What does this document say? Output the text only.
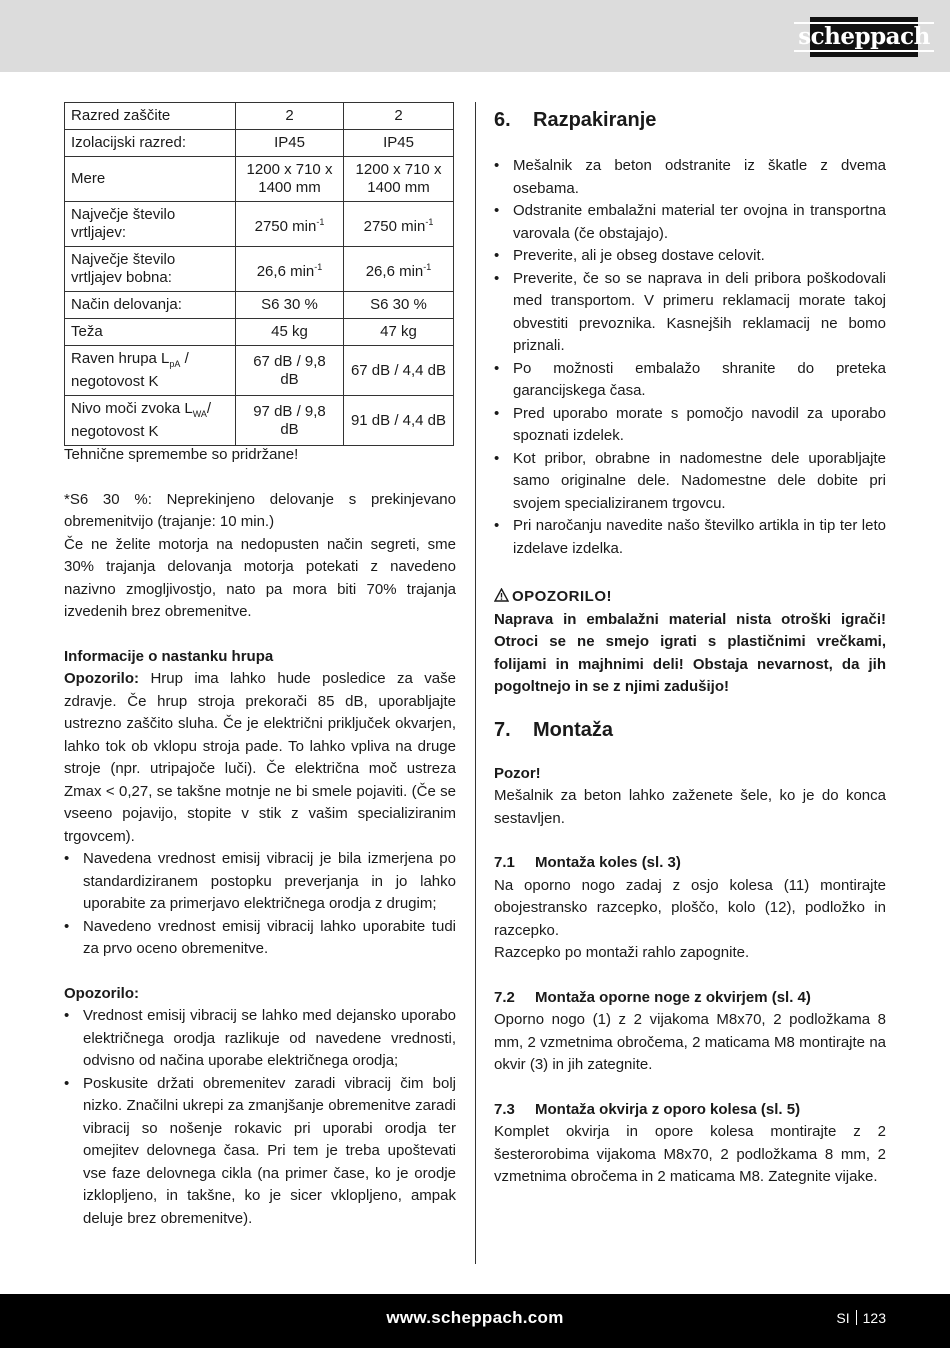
scheppach
Razred zaščite	2	2
Izolacijski razred:	IP45	IP45
Mere	1200 x 710 x 1400 mm	1200 x 710 x 1400 mm
Največje število vrtljajev:	2750 $\min^{-1}$	2750 $\min^{-1}$
Največje število vrtljajev bobna:	26,6 $\min^{-1}$	26,6 $\min^{-1}$
Način delovanja:	S6 30 %	S6 30 %
Teža	45 kg	47 kg
Raven hrupa $L_{pA}$ / negotovost K	67 dB / 9,8 dB	67 dB / 4,4 dB
Nivo moči zvoka $L_{WA}/$ negotovost K	97 dB / 9,8 dB	91 dB / 4,4 dB

Tehnične spremembe so pridržane!

*S6 30 %: Neprekinjeno delovanje s prekinjevano obremenitvijo (trajanje: 10 min.)

Če ne želite motorja na nedopusten način segreti, sme 30% trajanja delovanja motorja potekati z navedeno nazivno zmogljivostjo, nato pa mora biti 70% trajanja izvedenih brez obremenitve.

Informacije o nastanku hrupa

Opozorilo: Hrup ima lahko hude posledice za vaše zdravje. Če hrup stroja prekorači 85 dB, uporabljajte ustrezno zaščito sluha. Če je električni priključek okvarjen, lahko tok ob vklopu stroja pade. To lahko vpliva na druge stroje (npr. utripajoče luči). Če električna moč ustreza Zmax < 0,27, se takšne motnje ne bi smele pojaviti. (Če se vseeno pojavijo, stopite v stik z vašim specializiranim trgovcem).

• Navedena vrednost emisij vibracij je bila izmerjena po standardiziranem postopku preverjanja in jo lahko uporabite za primerjavo električnega orodja z drugim;
• Navedeno vrednost emisij vibracij lahko uporabite tudi za prvo oceno obremenitve.
Opozorilo:
• Vrednost emisij vibracij se lahko med dejansko uporabo električnega orodja razlikuje od navedene vrednosti, odvisno od načina uporabe električnega orodja;
• Poskusite držati obremenitev zaradi vibracij čim bolj nizko. Značilni ukrepi za zmanjšanje obremenitve zaradi vibracij so nošenje rokavic pri uporabi orodja ter omejitev delovnega časa. Pri tem je treba upoštevati vse faze delovnega cikla (na primer čase, ko je orodje izklopljeno, in takšne, ko je sicer vklopljeno, ampak deluje brez obremenitve).
6. Razpakiranje
• Mešalnik za beton odstranite iz škatle z dvema osebama.
• Odstranite embalažni material ter ovojna in transportna varovala (če obstajajo).
• Preverite, ali je obseg dostave celovit.
• Preverite, če so se naprava in deli pribora poškodovali med transportom. V primeru reklamacij morate takoj obvestiti prevoznika. Kasnejših reklamacij ne bomo priznali.
• Po možnosti embalažo shranite do preteka garancijskega časa.
• Pred uporabo morate s pomočjo navodil za uporabo spoznati izdelek.
• Kot pribor, obrabne in nadomestne dele uporabljajte samo originalne dele. Nadomestne dele dobite pri svojem specializiranem trgovcu.
• Pri naročanju navedite našo številko artikla in tip ter leto izdelave izdelka.
OPOZORILO!

Naprava in embalažni material nista otroški igrači! Otroci se ne smejo igrati s plastičnimi vrečkami, folijami in majhnimi deli! Obstaja nevarnost, da jih pogoltnejo in se z njimi zadušijo!

7. Montaža

Pozor!

Mešalnik za beton lahko zaženete šele, ko je do konca sestavljen.

7.1 Montaža koles (sl. 3)

Na oporno nogo zadaj z osjo kolesa (11) montirajte obojestransko razcepko, ploščo, kolo (12), podložko in razcepko.

Razcepko po montaži rahlo zapognite.

7.2 Montaža oporne noge z okvirjem (sl. 4)

Oporno nogo (1) z 2 vijakoma M8x70, 2 podložkama 8 mm, 2 vzmetnima obročema, 2 maticama M8 montirajte na okvir (3) in jih zategnite.

7.3 Montaža okvirja z oporo kolesa (sl. 5)

Komplet okvirja in opore kolesa montirajte z 2 šesterorobima vijakoma M8x70, 2 podložkama 8 mm, 2 vzmetnima obročema in 2 maticama M8. Zategnite vijake.

www.scheppach.com	SI 123
